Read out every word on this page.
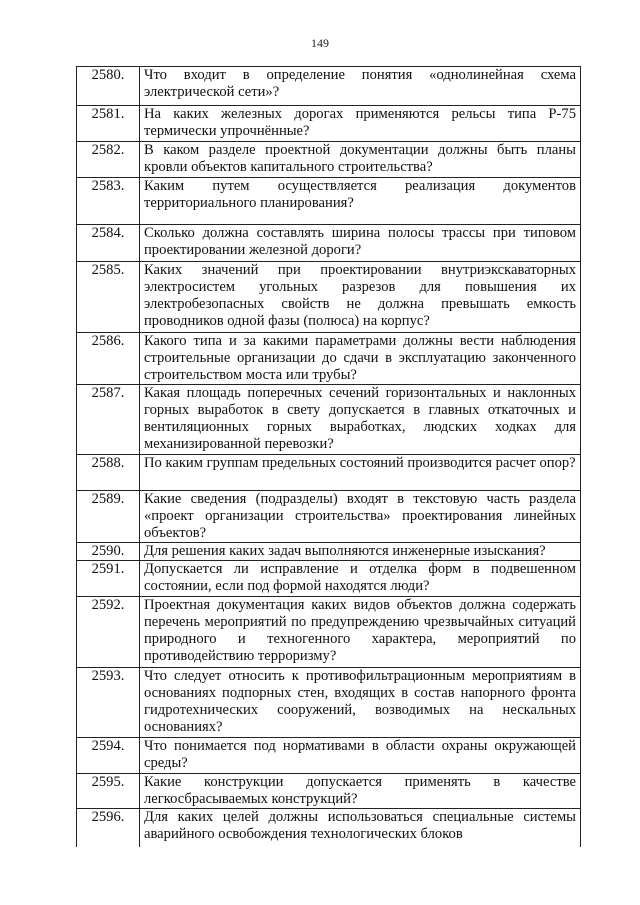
149
2580.	Что входит в определение понятия «однолинейная схема электрической сети»?
2581.	На каких железных дорогах применяются рельсы типа Р-75 термически упрочнённые?
2582.	В каком разделе проектной документации должны быть планы кровли объектов капитального строительства?
2583.	Каким путем осуществляется реализация документов территориального планирования?
2584.	Сколько должна составлять ширина полосы трассы при типовом проектировании железной дороги?
2585.	Каких значений при проектировании внутриэкскаваторных электросистем угольных разрезов для повышения их электробезопасных свойств не должна превышать емкость проводников одной фазы (полюса) на корпус?
2586.	Какого типа и за какими параметрами должны вести наблюдения строительные организации до сдачи в эксплуатацию законченного строительством моста или трубы?
2587.	Какая площадь поперечных сечений горизонтальных и наклонных горных выработок в свету допускается в главных откаточных и вентиляционных горных выработках, людских ходках для механизированной перевозки?
2588.	По каким группам предельных состояний производится расчет опор?
2589.	Какие сведения (подразделы) входят в текстовую часть раздела «проект организации строительства» проектирования линейных объектов?
2590.	Для решения каких задач выполняются инженерные изыскания?
2591.	Допускается ли исправление и отделка форм в подвешенном состоянии, если под формой находятся люди?
2592.	Проектная документация каких видов объектов должна содержать перечень мероприятий по предупреждению чрезвычайных ситуаций природного и техногенного характера, мероприятий по противодействию терроризму?
2593.	Что следует относить к противофильтрационным мероприятиям в основаниях подпорных стен, входящих в состав напорного фронта гидротехнических сооружений, возводимых на нескальных основаниях?
2594.	Что понимается под нормативами в области охраны окружающей среды?
2595.	Какие конструкции допускается применять в качестве легкосбрасываемых конструкций?
2596.	Для каких целей должны использоваться специальные системы аварийного освобождения технологических блоков
